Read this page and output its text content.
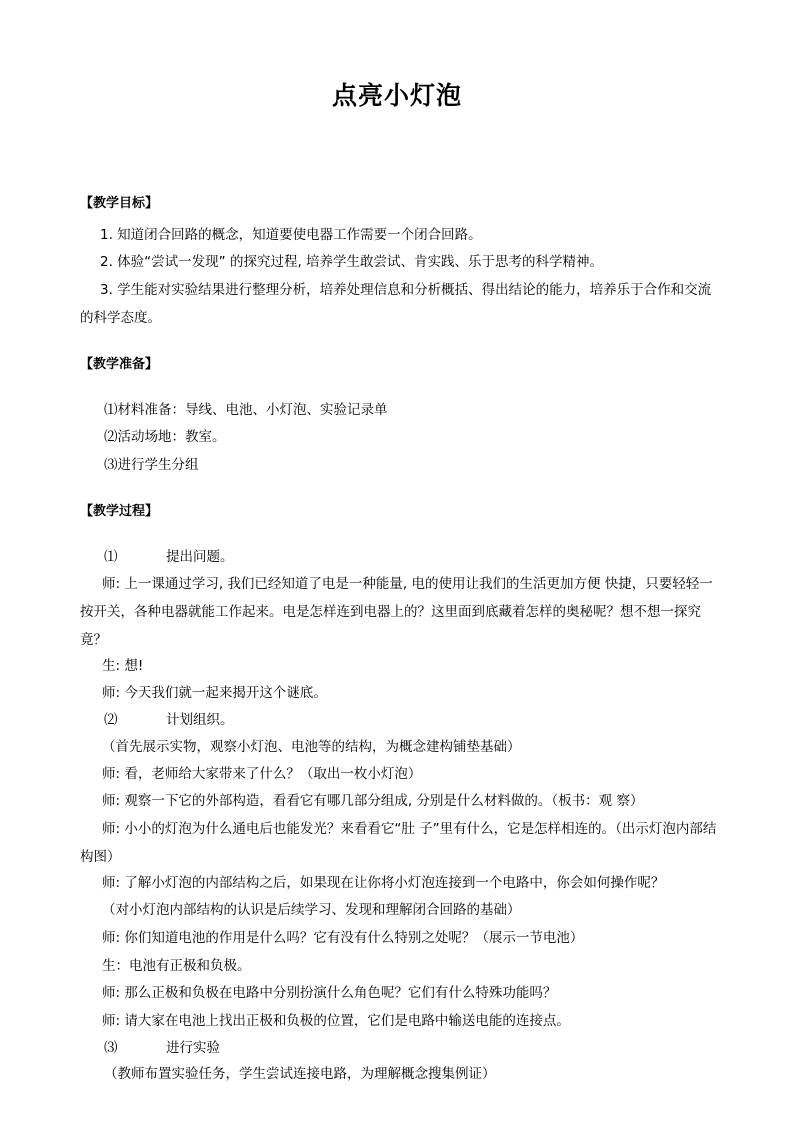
点亮小灯泡
【教学目标】
1. 知道闭合回路的概念，知道要使电器工作需要一个闭合回路。
2. 体验“尝试一发现” 的探究过程, 培养学生敢尝试、肯实践、乐于思考的科学精神。
3. 学生能对实验结果进行整理分析，培养处理信息和分析概括、得出结论的能力，培养乐于合作和交流的科学态度。
【教学准备】
⑴材料准备：导线、电池、小灯泡、实验记录单
⑵活动场地：教室。
⑶进行学生分组
【教学过程】
⑴	提出问题。
师: 上一课通过学习, 我们已经知道了电是一种能量, 电的使用让我们的生活更加方便 快捷，只要轻轻一按开关，各种电器就能工作起来。电是怎样连到电器上的？这里面到底藏着怎样的奥秘呢？想不想一探究竟？
生: 想!
师: 今天我们就一起来揭开这个谜底。
⑵	计划组织。
（首先展示实物，观察小灯泡、电池等的结构，为概念建构铺垫基础）
师: 看，老师给大家带来了什么？（取出一枚小灯泡）
师: 观察一下它的外部构造，看看它有哪几部分组成, 分别是什么材料做的。（板书：观 察）
师: 小小的灯泡为什么通电后也能发光？来看看它“肚 子”里有什么，它是怎样相连的。（出示灯泡内部结构图）
师: 了解小灯泡的内部结构之后，如果现在让你将小灯泡连接到一个电路中，你会如何操作呢？
（对小灯泡内部结构的认识是后续学习、发现和理解闭合回路的基础）
师: 你们知道电池的作用是什么吗？它有没有什么特别之处呢？（展示一节电池）
生：电池有正极和负极。
师: 那么正极和负极在电路中分别扮演什么角色呢？它们有什么特殊功能吗？
师: 请大家在电池上找出正极和负极的位置，它们是电路中输送电能的连接点。
⑶	进行实验
（教师布置实验任务，学生尝试连接电路，为理解概念搜集例证）
